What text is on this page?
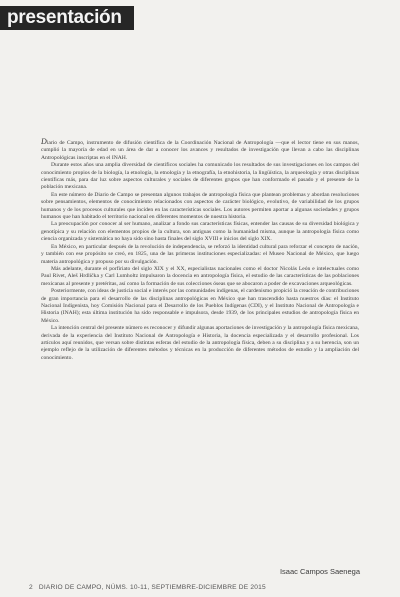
presentación

Diario de Campo, instrumento de difusión científica de la Coordinación Nacional de Antropología —que el lector tiene en sus manos, cumplió la mayoría de edad en un área de dar a conocer los avances y resultados de investigación que llevan a cabo las disciplinas Antropológicas inscriptas en el INAH.

Durante estos años una amplia diversidad de científicos sociales ha comunicado los resultados de sus investigaciones en los campos del conocimiento propios de la biología, la etnología, la etnología y la etnografía, la etnohistoria, la lingüística, la arqueología y otras disciplinas científicas más, para dar luz sobre aspectos culturales y sociales de diferentes grupos que han conformado el pasado y el presente de la población mexicana.

En este número de Diario de Campo se presentan algunos trabajos de antropología física que plantean problemas y abordan resoluciones sobre pensamientos, elementos de conocimiento relacionados con aspectos de carácter biológico, evolutivo, de variabilidad de los grupos humanos y de los procesos culturales que inciden en las características sociales. Los autores permiten aportar a algunas sociedades y grupos humanos que han habitado el territorio nacional en diferentes momentos de nuestra historia.

La preocupación por conocer al ser humano, analizar a fondo sus características físicas, entender las causas de su diversidad biológica y genotípica y su relación con elementos propios de la cultura, son antiguas como la humanidad misma, aunque la antropología física como ciencia organizada y sistemática no haya sido sino hasta finales del siglo XVIII e inicios del siglo XIX.

En México, en particular después de la revolución de independencia, se reforzó la identidad cultural para reforzar el concepto de nación, y también con ese propósito se creó, en 1825, una de las primeras instituciones especializadas: el Museo Nacional de México, que luego materia antropológica y propuso por su divulgación.

Más adelante, durante el porfiriato del siglo XIX y el XX, especialistas nacionales como el doctor Nicolás León e intelectuales como Paul Rivet, Aleš Hrdlička y Carl Lumholtz impulsaron la docencia en antropología física, el estudio de las características de las poblaciones mexicanas al presente y pretéritas, así como la formación de sus colecciones óseas que se abocaron a poder de excavaciones arqueológicas.

Posteriormente, con ideas de justicia social e interés por las comunidades indígenas, el cardenismo propició la creación de contribuciones de gran importancia para el desarrollo de las disciplinas antropológicas en México que han trascendido hasta nuestros días: el Instituto Nacional Indigenista, hoy Comisión Nacional para el Desarrollo de los Pueblos Indígenas (CDI), y el Instituto Nacional de Antropología e Historia (INAH); esta última institución ha sido responsable e impulsora, desde 1939, de los principales estudios de antropología física en México.

La intención central del presente número es reconocer y difundir algunas aportaciones de investigación y la antropología física mexicana, derivada de la experiencia del Instituto Nacional de Antropología e Historia, la docencia especializada y el desarrollo profesional. Los artículos aquí reunidos, que versan sobre distintas esferas del estudio de la antropología física, deben a su disciplina y a su herencia, son un ejemplo reflejo de la utilización de diferentes métodos y técnicas en la producción de diferentes métodos de estudio y la ampliación del conocimiento.

Isaac Campos Saenega
2 DIARIO DE CAMPO, NÚMS. 10-11, SEPTIEMBRE-DICIEMBRE DE 2015
